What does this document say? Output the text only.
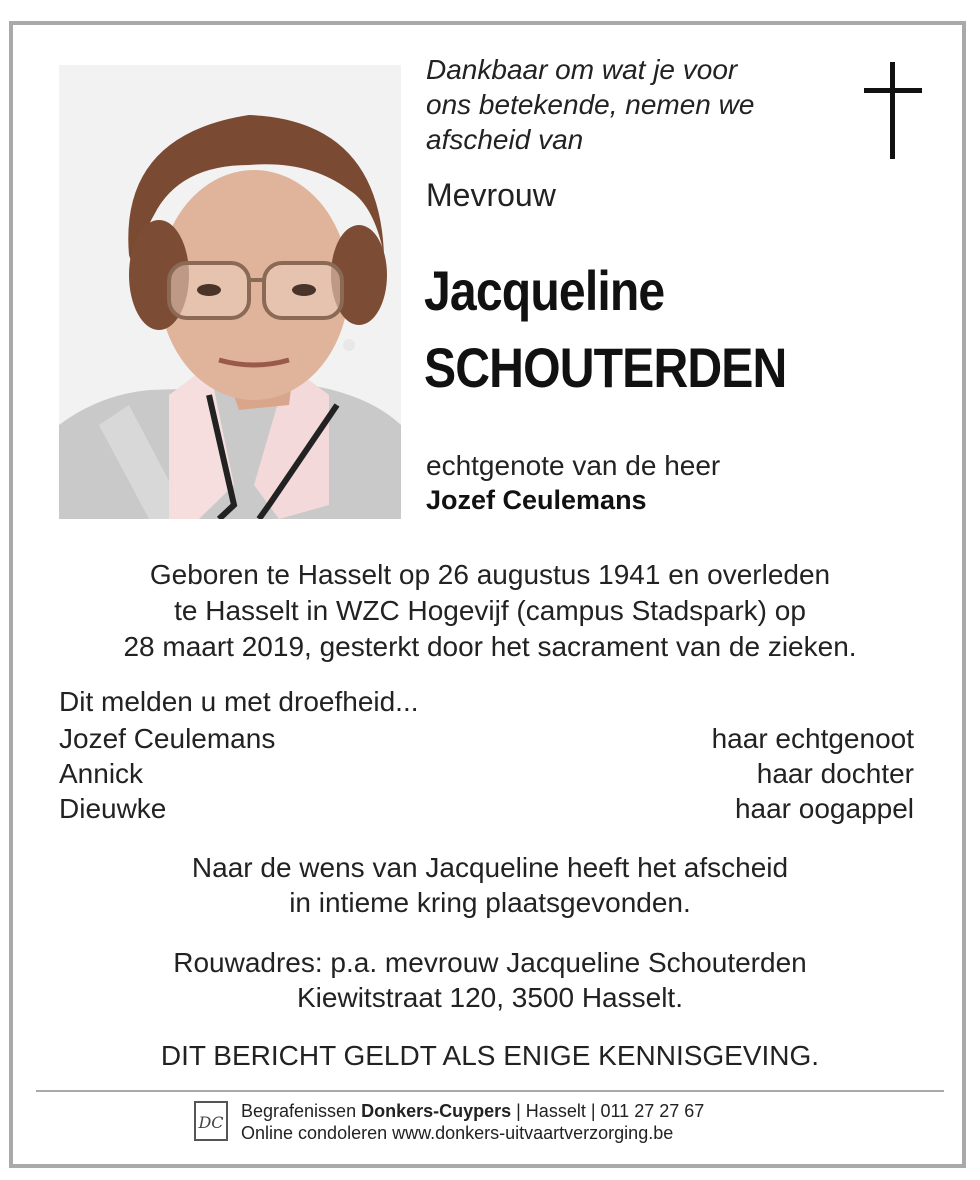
Dankbaar om wat je voor
ons betekende, nemen we
afscheid van
Mevrouw
Jacqueline
SCHOUTERDEN
echtgenote van de heer
Jozef Ceulemans
Geboren te Hasselt op 26 augustus 1941 en overleden
te Hasselt in WZC Hogevijf (campus Stadspark) op
28 maart 2019, gesterkt door het sacrament van de zieken.
Dit melden u met droefheid...
Jozef Ceulemans	haar echtgenoot
Annick	haar dochter
Dieuwke	haar oogappel
Naar de wens van Jacqueline heeft het afscheid
in intieme kring plaatsgevonden.
Rouwadres: p.a. mevrouw Jacqueline Schouterden
Kiewitstraat 120, 3500 Hasselt.
DIT BERICHT GELDT ALS ENIGE KENNISGEVING.
DC
Begrafenissen Donkers-Cuypers | Hasselt | 011 27 27 67
Online condoleren www.donkers-uitvaartverzorging.be
